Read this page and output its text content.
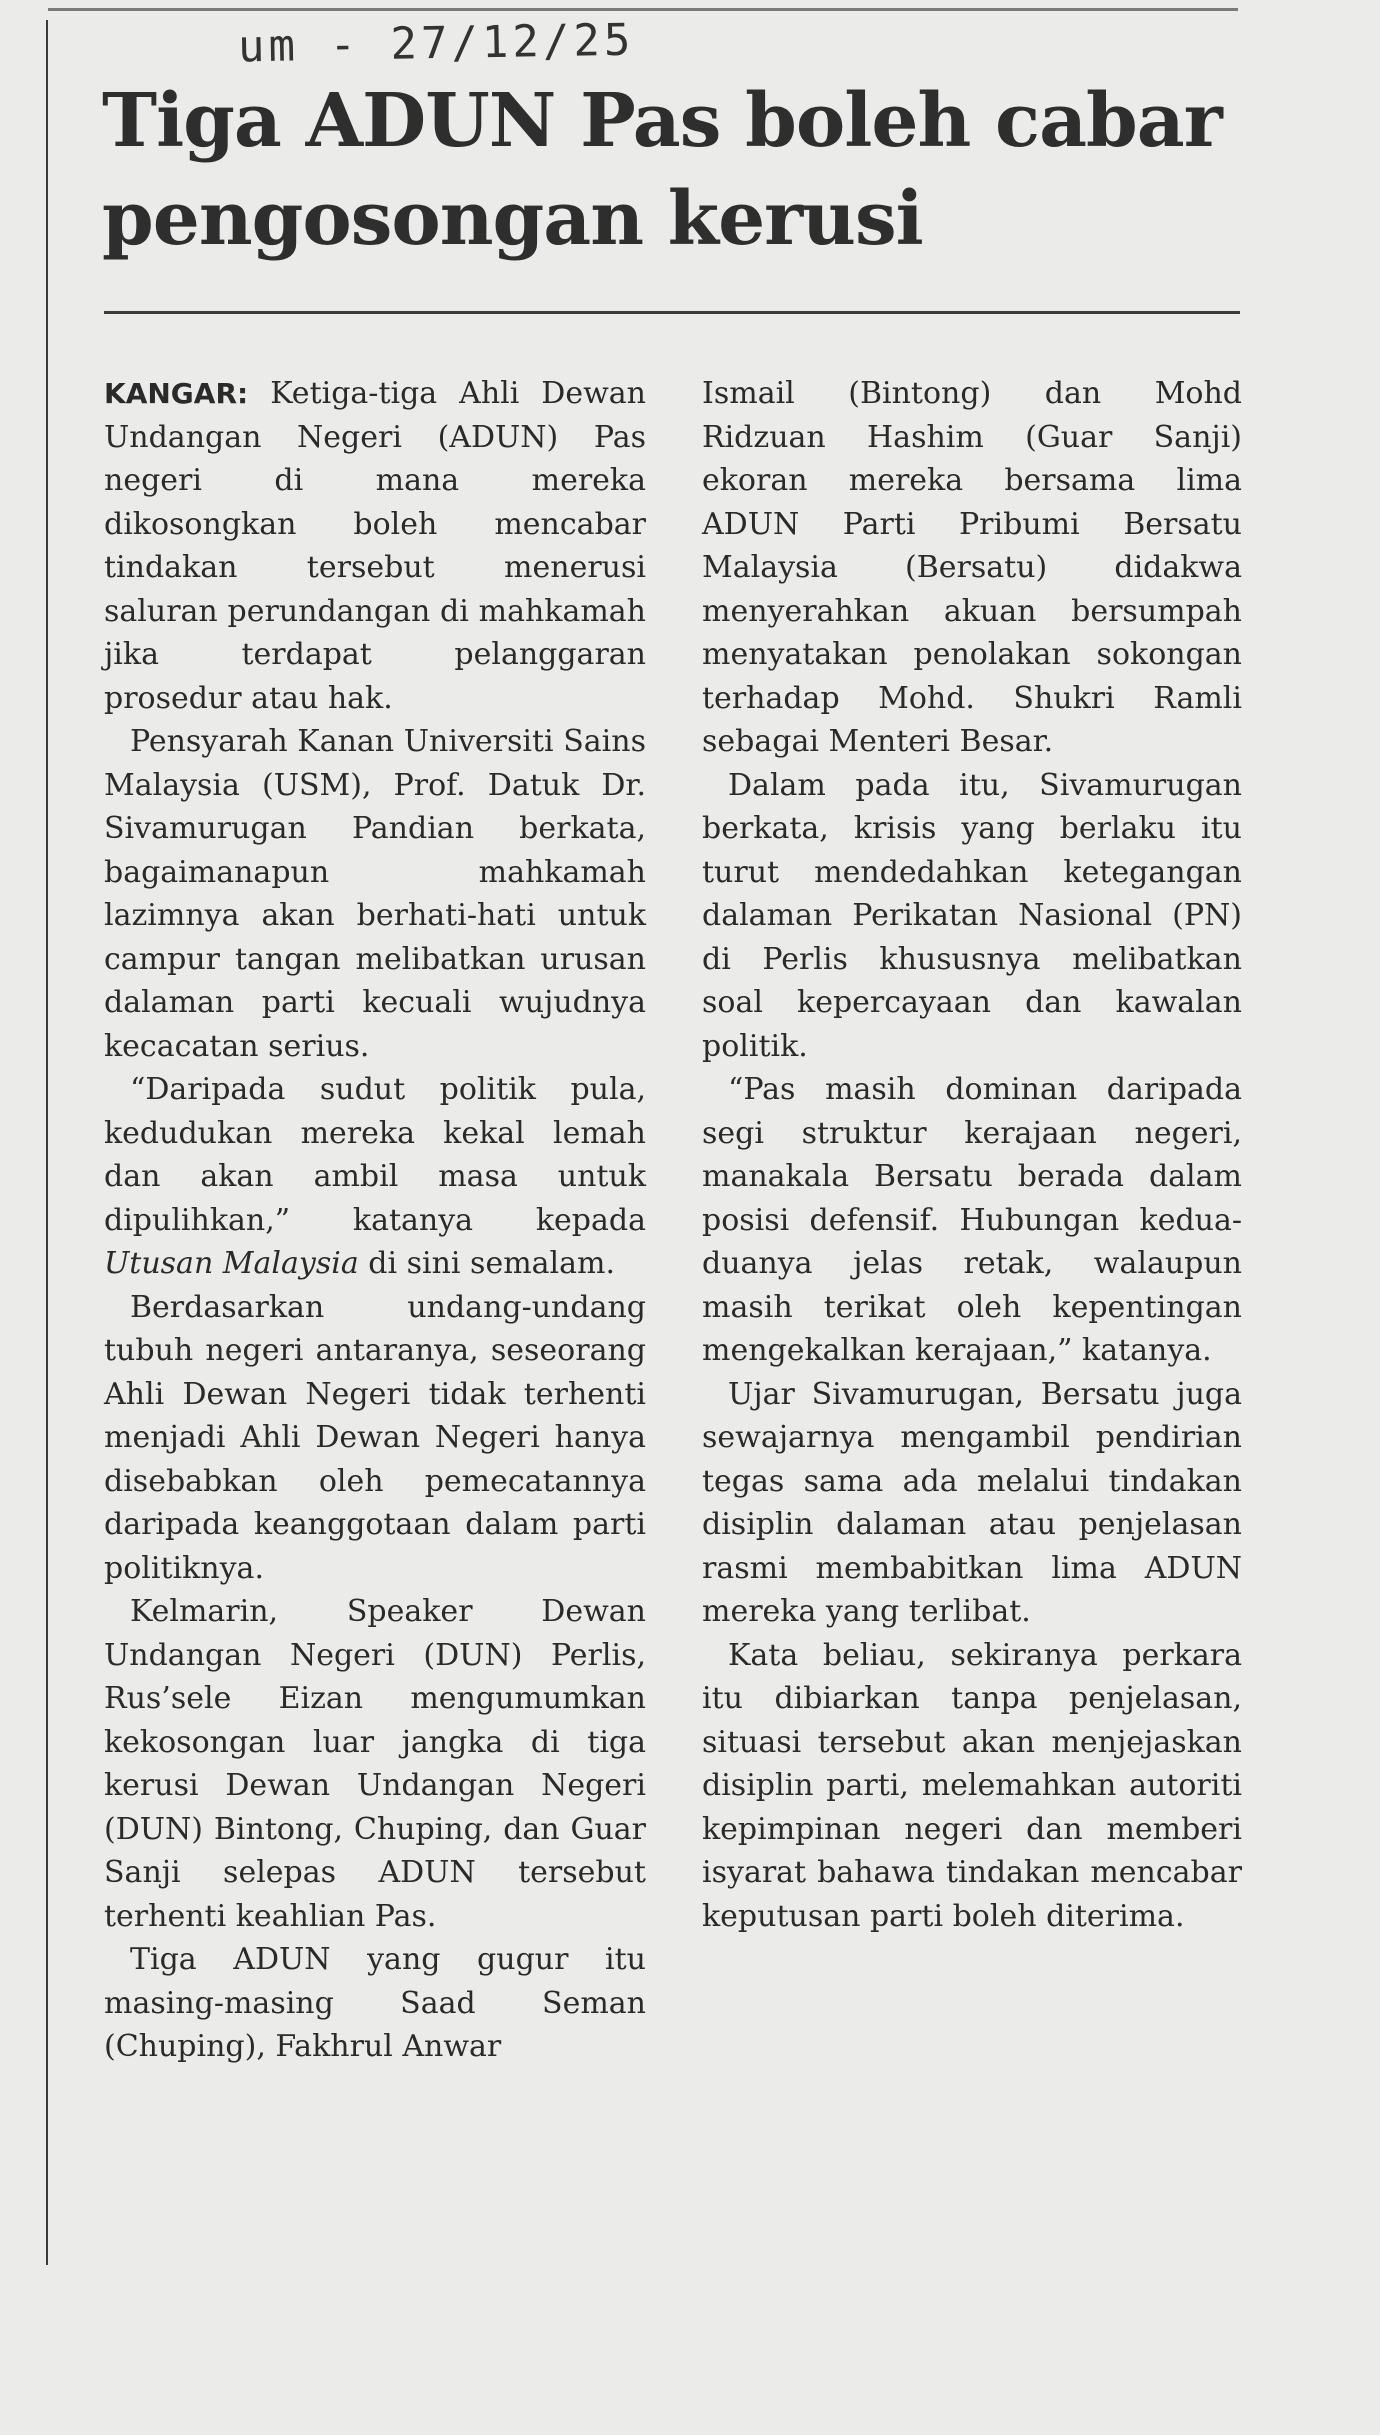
um - 27/12/25
Tiga ADUN Pas boleh cabar pengosongan kerusi

KANGAR: Ketiga-tiga Ahli Dewan Undangan Negeri (ADUN) Pas negeri di mana mereka dikosongkan boleh mencabar tindakan tersebut menerusi saluran perundangan di mahkamah jika terdapat pelanggaran prosedur atau hak.

Pensyarah Kanan Universiti Sains Malaysia (USM), Prof. Datuk Dr. Sivamurugan Pandian berkata, bagaimanapun mahkamah lazimnya akan berhati-hati untuk campur tangan melibatkan urusan dalaman parti kecuali wujudnya kecacatan serius.

“Daripada sudut politik pula, kedudukan mereka kekal lemah dan akan ambil masa untuk dipulihkan,” katanya kepada Utusan Malaysia di sini semalam.

Berdasarkan undang-undang tubuh negeri antaranya, seseorang Ahli Dewan Negeri tidak terhenti menjadi Ahli Dewan Negeri hanya disebabkan oleh pemecatannya daripada keanggotaan dalam parti politiknya.

Kelmarin, Speaker Dewan Undangan Negeri (DUN) Perlis, Rus’sele Eizan mengumumkan kekosongan luar jangka di tiga kerusi Dewan Undangan Negeri (DUN) Bintong, Chuping, dan Guar Sanji selepas ADUN tersebut terhenti keahlian Pas.

Tiga ADUN yang gugur itu masing-masing Saad Seman (Chuping), Fakhrul Anwar

Ismail (Bintong) dan Mohd Ridzuan Hashim (Guar Sanji) ekoran mereka bersama lima ADUN Parti Pribumi Bersatu Malaysia (Bersatu) didakwa menyerahkan akuan bersumpah menyatakan penolakan sokongan terhadap Mohd. Shukri Ramli sebagai Menteri Besar.

Dalam pada itu, Sivamurugan berkata, krisis yang berlaku itu turut mendedahkan ketegangan dalaman Perikatan Nasional (PN) di Perlis khususnya melibatkan soal kepercayaan dan kawalan politik.

“Pas masih dominan daripada segi struktur kerajaan negeri, manakala Bersatu berada dalam posisi defensif. Hubungan kedua-duanya jelas retak, walaupun masih terikat oleh kepentingan mengekalkan kerajaan,” katanya.

Ujar Sivamurugan, Bersatu juga sewajarnya mengambil pendirian tegas sama ada melalui tindakan disiplin dalaman atau penjelasan rasmi membabitkan lima ADUN mereka yang terlibat.

Kata beliau, sekiranya perkara itu dibiarkan tanpa penjelasan, situasi tersebut akan menjejaskan disiplin parti, melemahkan autoriti kepimpinan negeri dan memberi isyarat bahawa tindakan mencabar keputusan parti boleh diterima.
